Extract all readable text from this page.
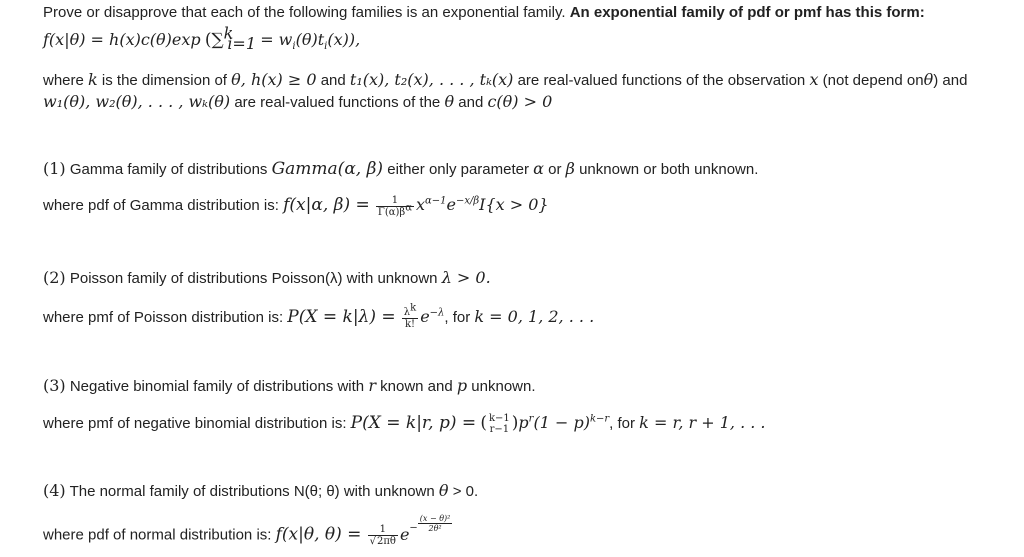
Prove or disapprove that each of the following families is an exponential family. An exponential family of pdf or pmf has this form:
f(x|θ) = h(x)c(θ)exp $(\sum^k_{i=1} = w_i(\theta)t_i(x))$,
where k is the dimension of θ, h(x) ≥ 0 and t₁(x), t₂(x), . . . , tₖ(x) are real-valued functions of the observation x (not depend onθ) and
w₁(θ), w₂(θ), . . . , wₖ(θ) are real-valued functions of the θ and c(θ) > 0
(1) Gamma family of distributions Gamma(α, β) either only parameter α or β unknown or both unknown.
where pdf of Gamma distribution is: f(x|α, $\beta) = \frac{1}{\Gamma(\alpha)\beta^\alpha} x^{\alpha-1}e^{-x/\beta}I\{x > 0\}$
(2) Poisson family of distributions Poisson(λ) with unknown λ > 0.
where pmf of Poisson distribution is: $P(X = k|\lambda) = \frac{\lambda^k}{k!} e^{-\lambda}$, for k = 0, 1, 2, . . .
(3) Negative binomial family of distributions with r known and p unknown.
where pmf of negative binomial distribution is: P(X = k|r, p) = ( k−1
r−1 )$p^r(1 - p)^{k-r}$, for k = r, r + 1, . . .
(4) The normal family of distributions N(θ; θ) with unknown θ > 0.
where pdf of normal distribution is: f(x|θ, $\theta) = \frac{1}{√2\pi\theta} e- \frac{\text{(x − θ)²}}{\text{2θ²}}$
